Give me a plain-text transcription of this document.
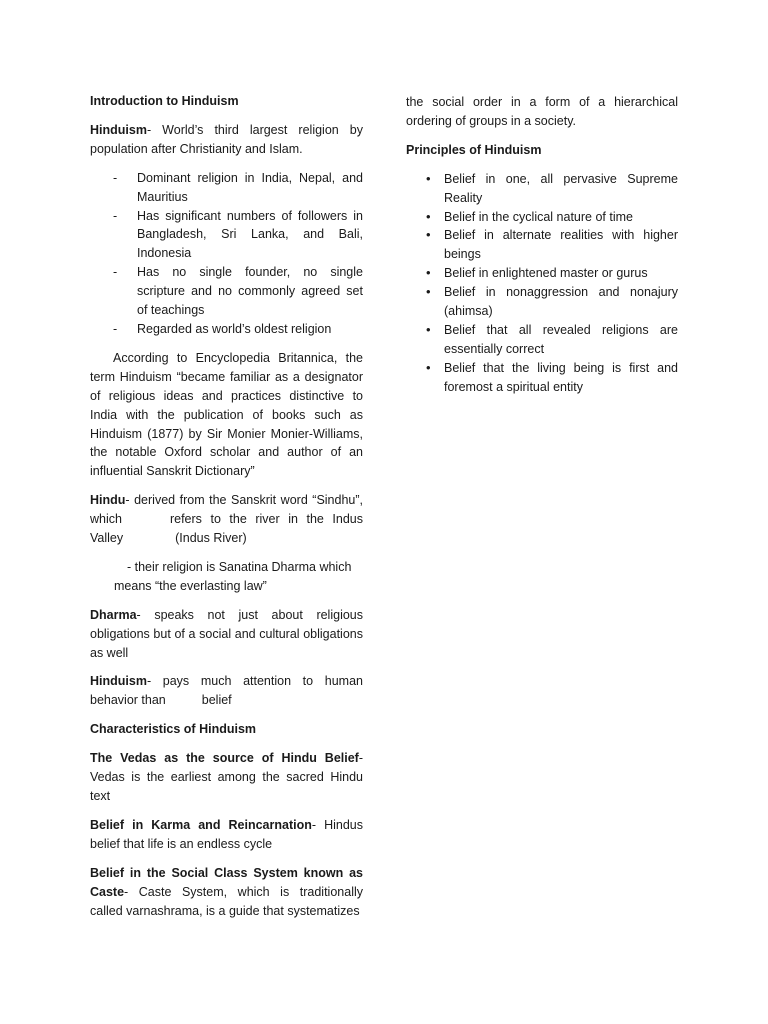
Introduction to Hinduism

Hinduism- World’s third largest religion by population after Christianity and Islam.

- Dominant religion in India, Nepal, and Mauritius
- Has significant numbers of followers in Bangladesh, Sri Lanka, and Bali, Indonesia
- Has no single founder, no single scripture and no commonly agreed set of teachings
- Regarded as world’s oldest religion

According to Encyclopedia Britannica, the term Hinduism “became familiar as a designator of religious ideas and practices distinctive to India with the publication of books such as Hinduism (1877) by Sir Monier Monier-Williams, the notable Oxford scholar and author of an influential Sanskrit Dictionary”

Hindu- derived from the Sanskrit word “Sindhu”, which	refers to the river in the Indus Valley	(Indus River)

- their religion is Sanatina Dharma which
means “the everlasting law”

Dharma- speaks not just about religious obligations but of a social and cultural obligations as well

Hinduism- pays much attention to human behavior than	belief

Characteristics of Hinduism

The Vedas as the source of Hindu Belief- Vedas is the earliest among the sacred Hindu text

Belief in Karma and Reincarnation- Hindus belief that life is an endless cycle

Belief in the Social Class System known as Caste- Caste System, which is traditionally called varnashrama, is a guide that systematizes

the social order in a form of a hierarchical ordering of groups in a society.

Principles of Hinduism
• Belief in one, all pervasive Supreme Reality
• Belief in the cyclical nature of time
• Belief in alternate realities with higher beings
• Belief in enlightened master or gurus
• Belief in nonaggression and nonajury (ahimsa)
• Belief that all revealed religions are essentially correct
• Belief that the living being is first and foremost a spiritual entity
